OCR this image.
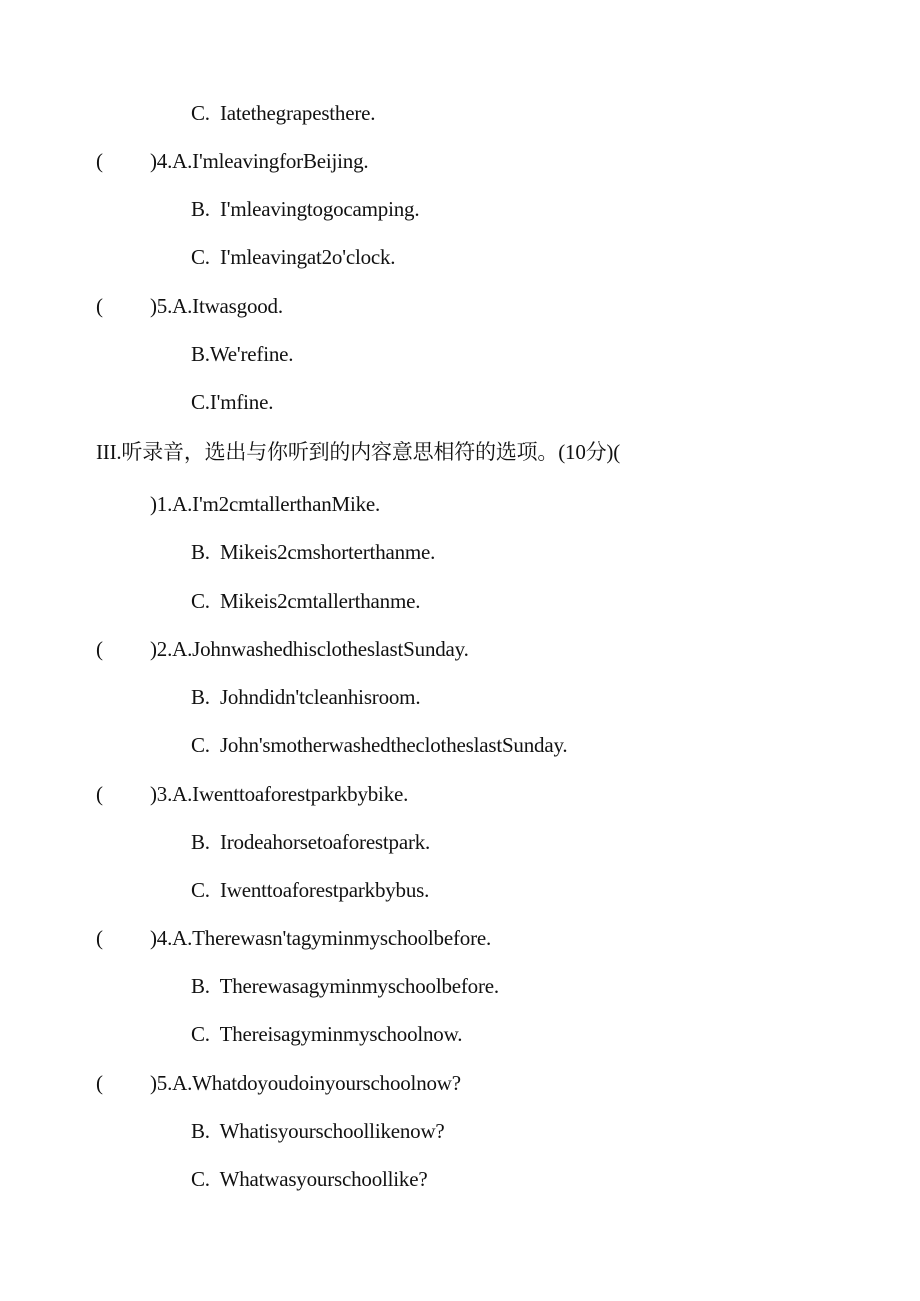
C.  Iatethegrapesthere.
( )4.A.I'mleavingforBeijing.
B.  I'mleavingtogocamping.
C.  I'mleavingat2o'clock.
( )5.A.Itwasgood.
B.We'refine.
C.I'mfine.
III.听录音，选出与你听到的内容意思相符的选项。(10分)(
)1.A.I'm2cmtallerthanMike.
B.  Mikeis2cmshorterthanme.
C.  Mikeis2cmtallerthanme.
( )2.A.JohnwashedhisclotheslastSunday.
B.  Johndidn'tcleanhisroom.
C.  John'smotherwashedtheclotheslastSunday.
( )3.A.Iwenttoaforestparkbybike.
B.  Irodeahorsetoaforestpark.
C.  Iwenttoaforestparkbybus.
( )4.A.Therewasn'tagyminmyschoolbefore.
B.  Therewasagyminmyschoolbefore.
C.  Thereisagyminmyschoolnow.
( )5.A.Whatdoyoudoinyourschoolnow?
B.  Whatisyourschoollikenow?
C.  Whatwasyourschoollike?
